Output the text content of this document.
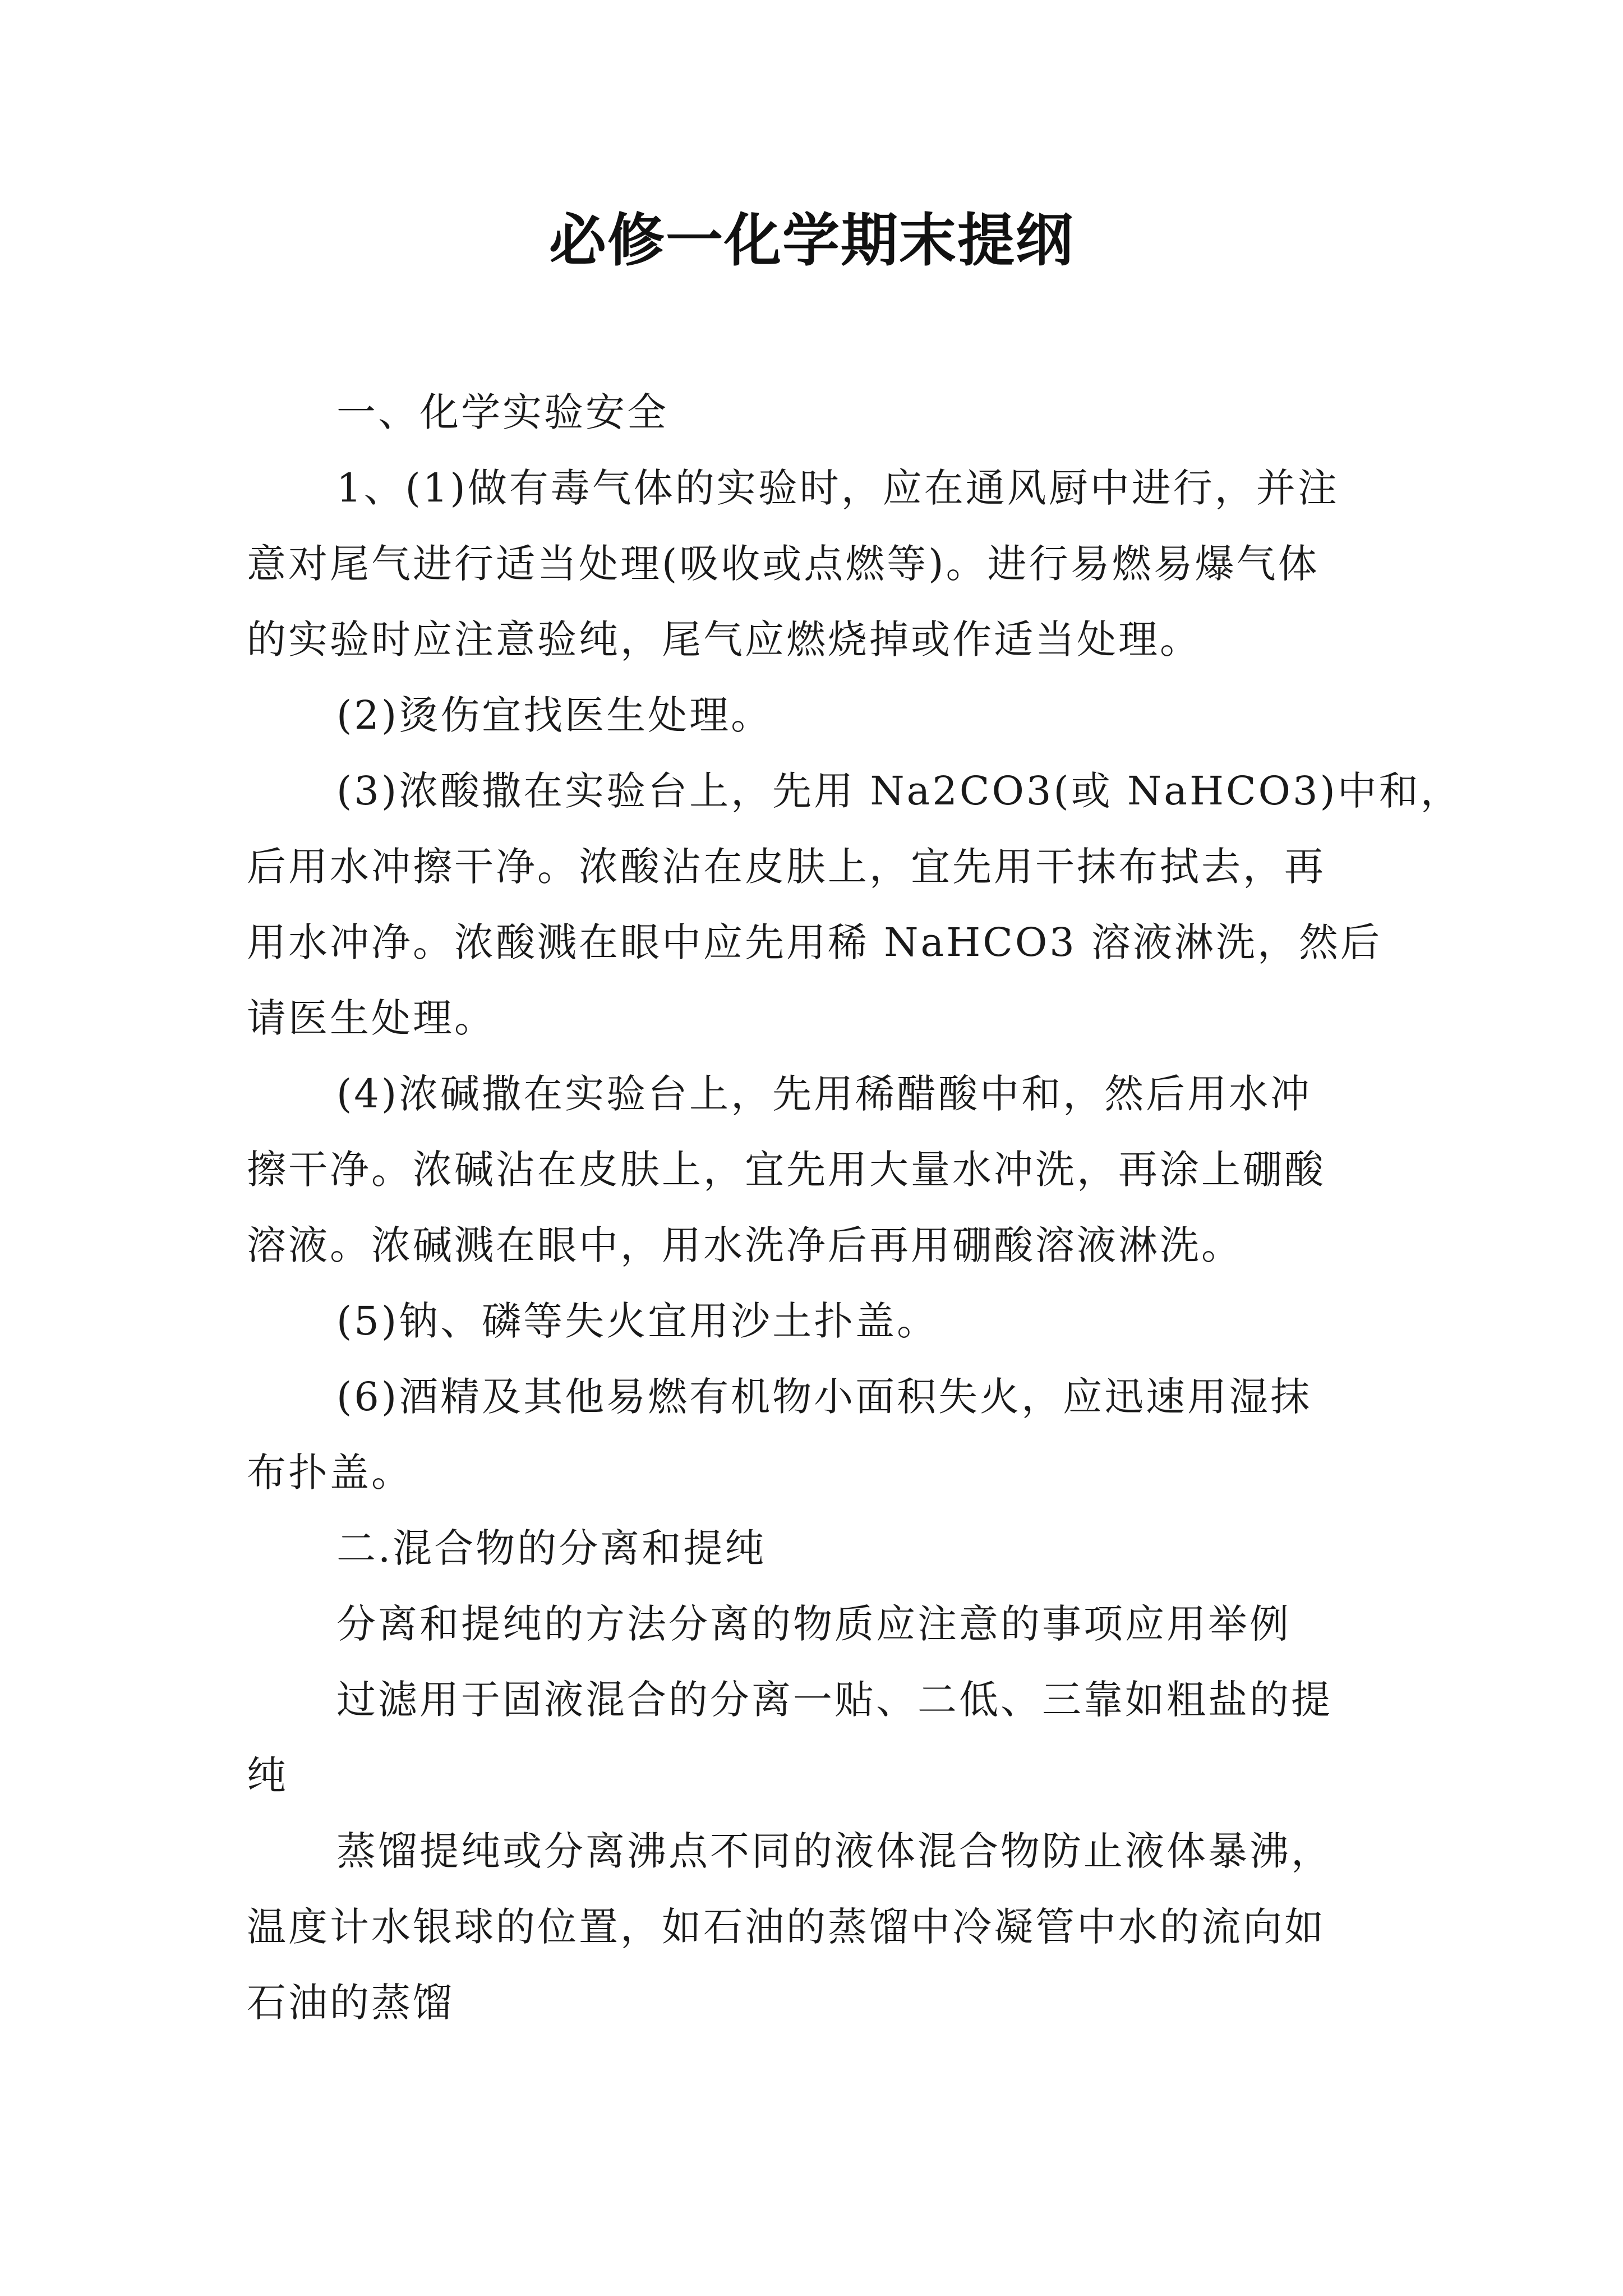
必修一化学期末提纲
一、化学实验安全
1、(1)做有毒气体的实验时，应在通风厨中进行，并注
意对尾气进行适当处理(吸收或点燃等)。进行易燃易爆气体
的实验时应注意验纯，尾气应燃烧掉或作适当处理。
(2)烫伤宜找医生处理。
(3)浓酸撒在实验台上，先用 Na2CO3(或 NaHCO3)中和，
后用水冲擦干净。浓酸沾在皮肤上，宜先用干抹布拭去，再
用水冲净。浓酸溅在眼中应先用稀 NaHCO3 溶液淋洗，然后
请医生处理。
(4)浓碱撒在实验台上，先用稀醋酸中和，然后用水冲
擦干净。浓碱沾在皮肤上，宜先用大量水冲洗，再涂上硼酸
溶液。浓碱溅在眼中，用水洗净后再用硼酸溶液淋洗。
(5)钠、磷等失火宜用沙土扑盖。
(6)酒精及其他易燃有机物小面积失火，应迅速用湿抹
布扑盖。
二.混合物的分离和提纯
分离和提纯的方法分离的物质应注意的事项应用举例
过滤用于固液混合的分离一贴、二低、三靠如粗盐的提
纯
蒸馏提纯或分离沸点不同的液体混合物防止液体暴沸，
温度计水银球的位置，如石油的蒸馏中冷凝管中水的流向如
石油的蒸馏
